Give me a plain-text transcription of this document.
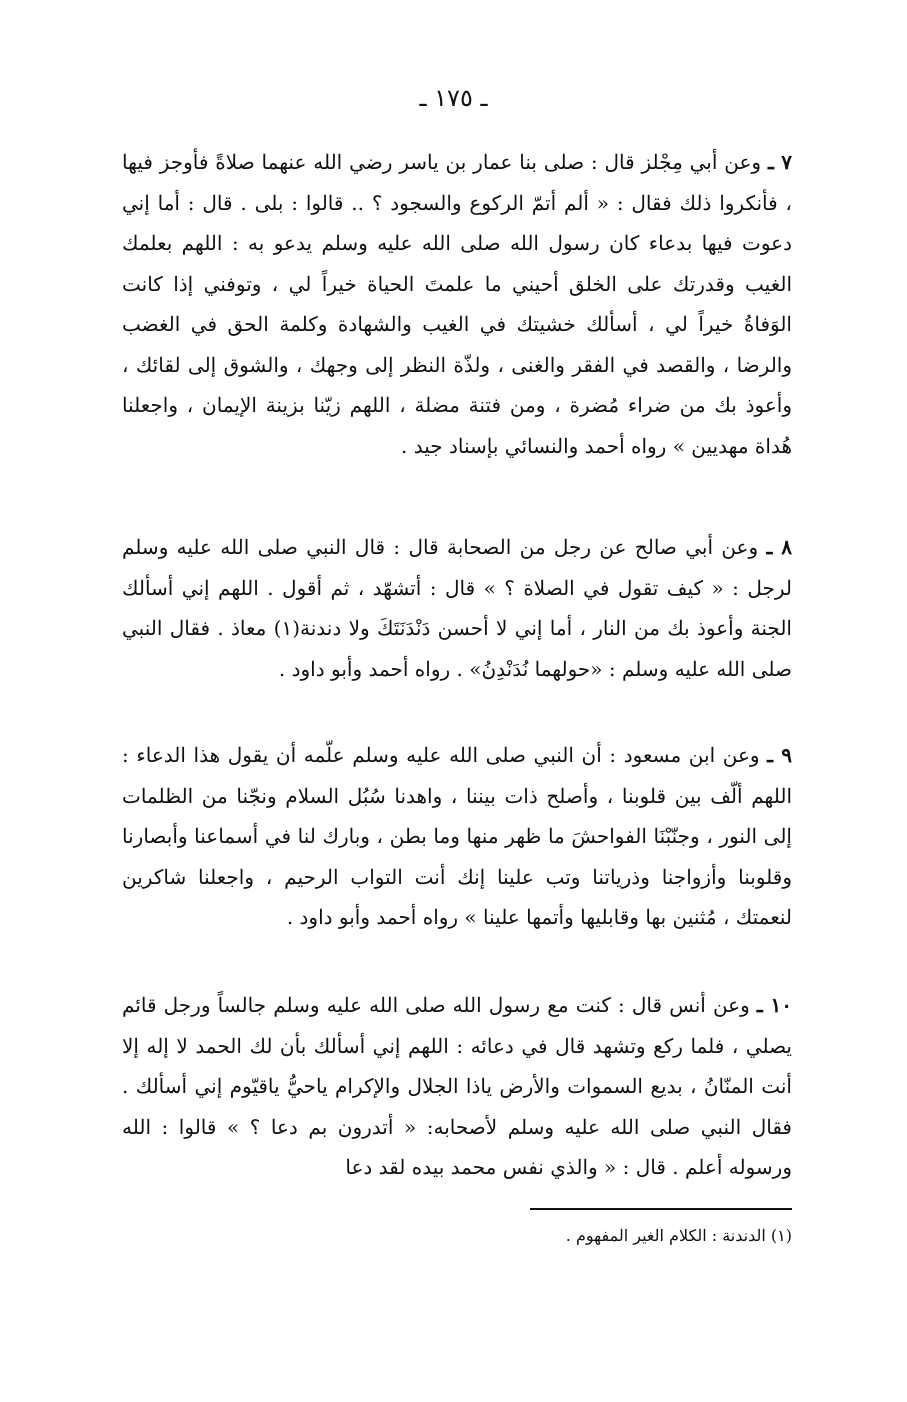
ـ ١٧٥ ـ

٧ ـ وعن أبي مِجْلز قال : صلى بنا عمار بن ياسر رضي الله عنهما صلاةً فأوجز فيها ، فأنكروا ذلك فقال : « ألم أتمّ الركوع والسجود ؟ .. قالوا : بلى . قال : أما إني دعوت فيها بدعاء كان رسول الله صلى الله عليه وسلم يدعو به : اللهم بعلمك الغيب وقدرتك على الخلق أحيني ما علمتَ الحياة خيراً لي ، وتوفني إذا كانت الوَفاةُ خيراً لي ، أسألك خشيتك في الغيب والشهادة وكلمة الحق في الغضب والرضا ، والقصد في الفقر والغنى ، ولذّة النظر إلى وجهك ، والشوق إلى لقائك ، وأعوذ بك من ضراء مُضرة ، ومن فتنة مضلة ، اللهم زيّنا بزينة الإيمان ، واجعلنا هُداة مهديين » رواه أحمد والنسائي بإسناد جيد .

٨ ـ وعن أبي صالح عن رجل من الصحابة قال : قال النبي صلى الله عليه وسلم لرجل : « كيف تقول في الصلاة ؟ » قال : أتشهّد ، ثم أقول . اللهم إني أسألك الجنة وأعوذ بك من النار ، أما إني لا أحسن دَنْدَنَتَكَ ولا دندنة(١) معاذ . فقال النبي صلى الله عليه وسلم : «حولهما نُدَنْدِنُ» . رواه أحمد وأبو داود .

٩ ـ وعن ابن مسعود : أن النبي صلى الله عليه وسلم علّمه أن يقول هذا الدعاء : اللهم ألّف بين قلوبنا ، وأصلح ذات بيننا ، واهدنا سُبُل السلام ونجّنا من الظلمات إلى النور ، وجنّبْنَا الفواحشَ ما ظهر منها وما بطن ، وبارك لنا في أسماعنا وأبصارنا وقلوبنا وأزواجنا وذرياتنا وتب علينا إنك أنت التواب الرحيم ، واجعلنا شاكرين لنعمتك ، مُثنين بها وقابليها وأتمها علينا » رواه أحمد وأبو داود .

١٠ ـ وعن أنس قال : كنت مع رسول الله صلى الله عليه وسلم جالساً ورجل قائم يصلي ، فلما ركع وتشهد قال في دعائه : اللهم إني أسألك بأن لك الحمد لا إله إلا أنت المنّانُ ، بديع السموات والأرض ياذا الجلال والإكرام ياحيُّ ياقيّوم إني أسألك . فقال النبي صلى الله عليه وسلم لأصحابه: « أتدرون بم دعا ؟ » قالوا : الله ورسوله أعلم . قال : « والذي نفس محمد بيده لقد دعا

(١) الدندنة : الكلام الغير المفهوم .
